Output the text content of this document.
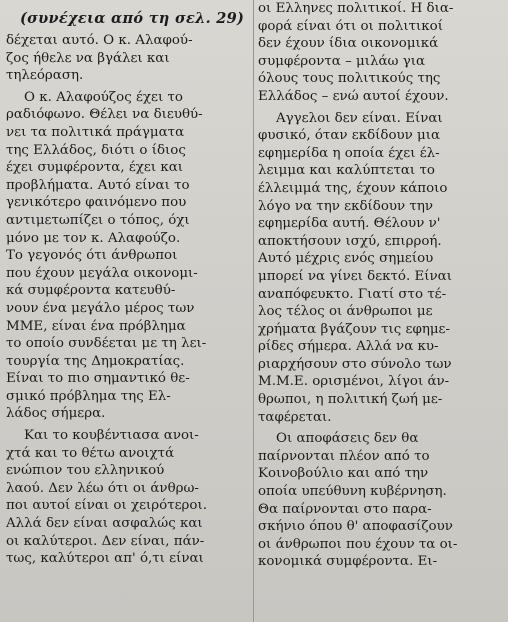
(συνέχεια από τη σελ. 29)
δέχεται αυτό. Ο κ. Αλαφού-
ζος ήθελε να βγάλει και
τηλεόραση.
Ο κ. Αλαφούζος έχει το
ραδιόφωνο. Θέλει να διευθύ-
νει τα πολιτικά πράγματα
της Ελλάδος, διότι ο ίδιος
έχει συμφέροντα, έχει και
προβλήματα. Αυτό είναι το
γενικότερο φαινόμενο που
αντιμετωπίζει ο τόπος, όχι
μόνο με τον κ. Αλαφούζο.
Το γεγονός ότι άνθρωποι
που έχουν μεγάλα οικονομι-
κά συμφέροντα κατευθύ-
νουν ένα μεγάλο μέρος των
ΜΜΕ, είναι ένα πρόβλημα
το οποίο συνδέεται με τη λει-
τουργία της Δημοκρατίας.
Είναι το πιο σημαντικό θε-
σμικό πρόβλημα της Ελ-
λάδος σήμερα.
Και το κουβέντιασα ανοι-
χτά και το θέτω ανοιχτά
ενώπιον του ελληνικού
λαού. Δεν λέω ότι οι άνθρω-
ποι αυτοί είναι οι χειρότεροι.
Αλλά δεν είναι ασφαλώς και
οι καλύτεροι. Δεν είναι, πάν-
τως, καλύτεροι απ' ό,τι είναι
οι Ελληνες πολιτικοί. Η δια-
φορά είναι ότι οι πολιτικοί
δεν έχουν ίδια οικονομικά
συμφέροντα – μιλάω για
όλους τους πολιτικούς της
Ελλάδος – ενώ αυτοί έχουν.
Αγγελοι δεν είναι. Είναι
φυσικό, όταν εκδίδουν μια
εφημερίδα η οποία έχει έλ-
λειμμα και καλύπτεται το
έλλειμμά της, έχουν κάποιο
λόγο να την εκδίδουν την
εφημερίδα αυτή. Θέλουν ν'
αποκτήσουν ισχύ, επιρροή.
Αυτό μέχρις ενός σημείου
μπορεί να γίνει δεκτό. Είναι
αναπόφευκτο. Γιατί στο τέ-
λος τέλος οι άνθρωποι με
χρήματα βγάζουν τις εφημε-
ρίδες σήμερα. Αλλά να κυ-
ριαρχήσουν στο σύνολο των
Μ.Μ.Ε. ορισμένοι, λίγοι άν-
θρωποι, η πολιτική ζωή με-
ταφέρεται.
Οι αποφάσεις δεν θα
παίρνονται πλέον από το
Κοινοβούλιο και από την
οποία υπεύθυνη κυβέρνηση.
Θα παίρνονται στο παρα-
σκήνιο όπου θ' αποφασίζουν
οι άνθρωποι που έχουν τα οι-
κονομικά συμφέροντα. Ει-
